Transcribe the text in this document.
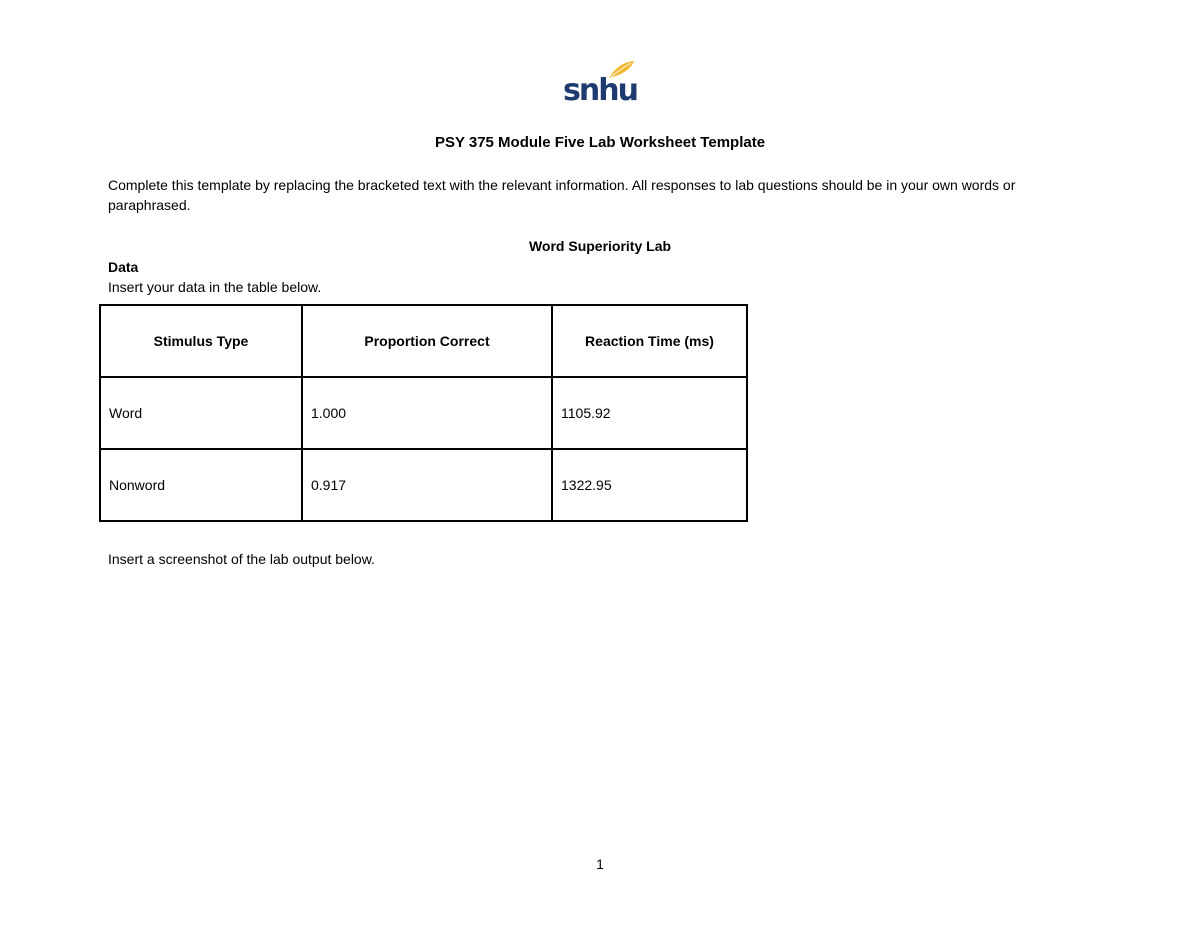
snhu
PSY 375 Module Five Lab Worksheet Template
Complete this template by replacing the bracketed text with the relevant information. All responses to lab questions should be in your own words or paraphrased.
Word Superiority Lab
Data
Insert your data in the table below.
Stimulus Type	Proportion Correct	Reaction Time (ms)
Word	1.000	1105.92
Nonword	0.917	1322.95
Insert a screenshot of the lab output below.
1
